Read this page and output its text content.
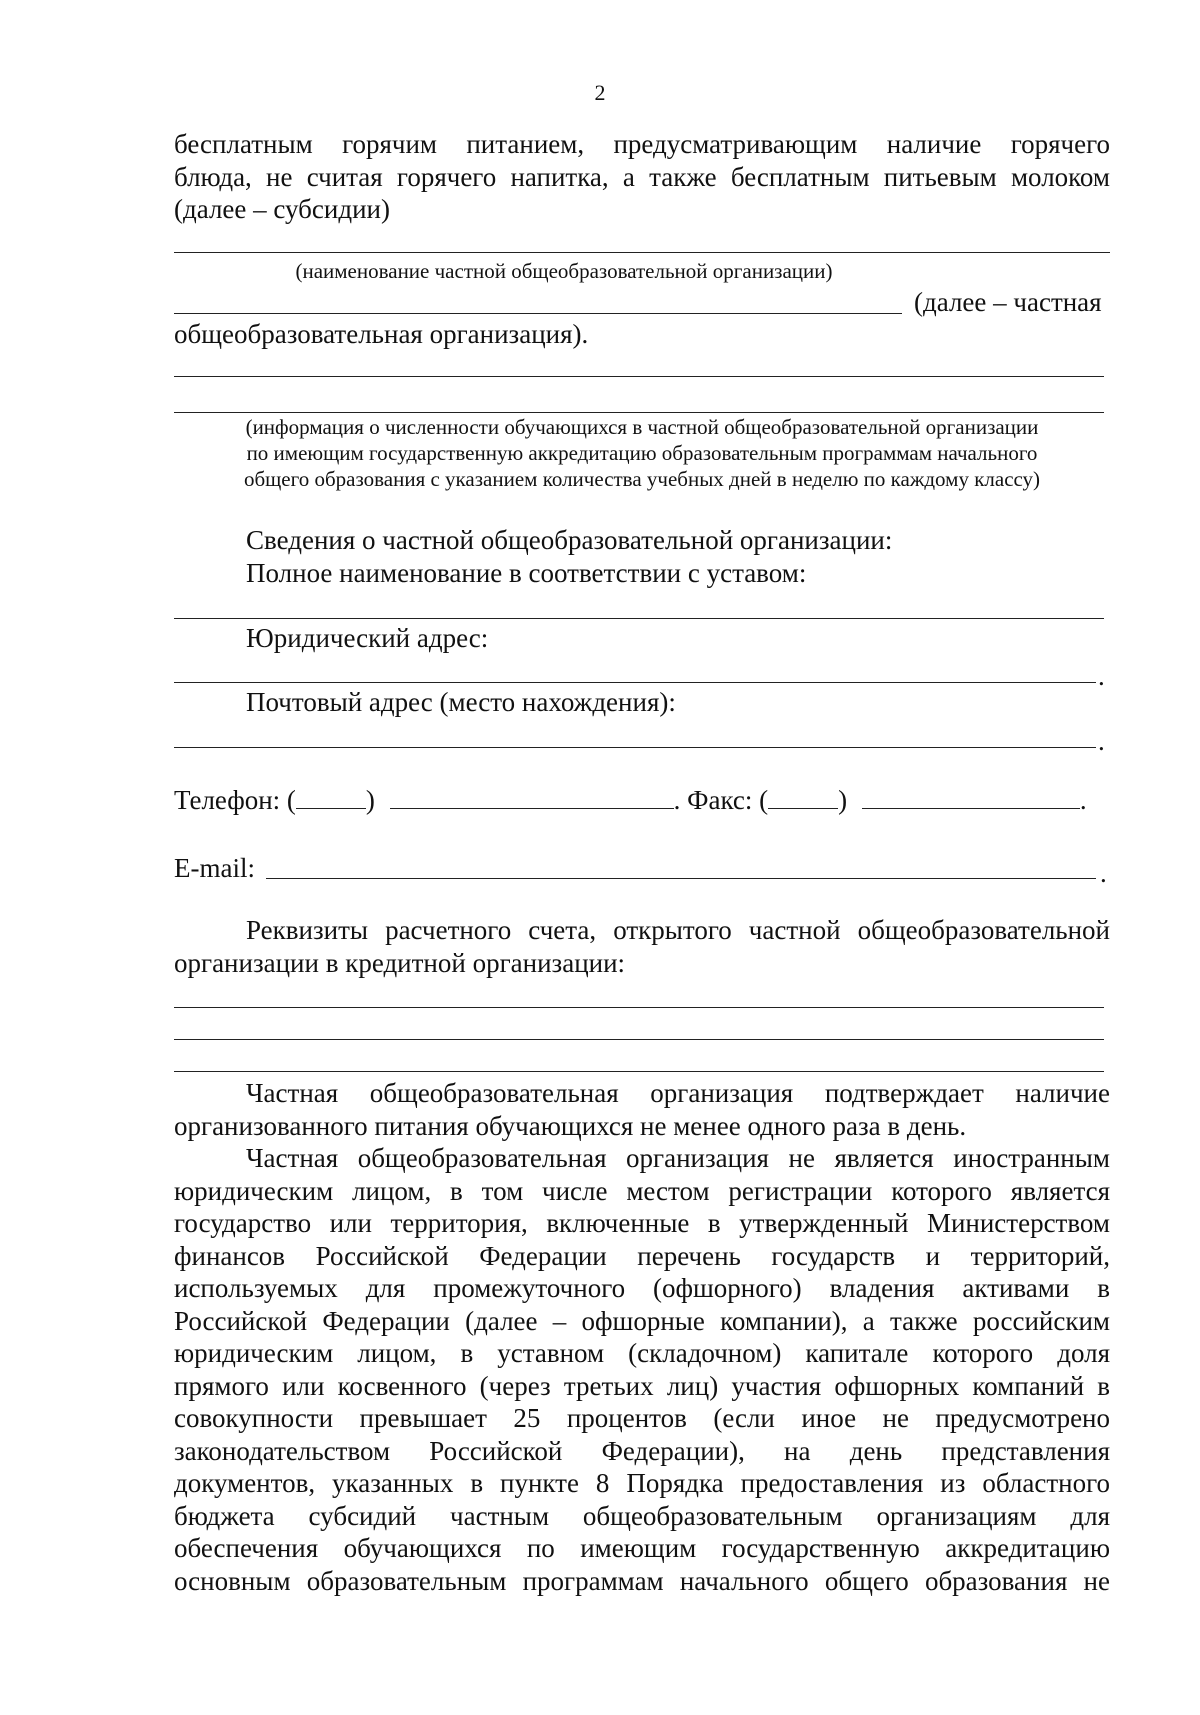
2
бесплатным горячим питанием, предусматривающим наличие горячего
блюда, не считая горячего напитка, а также бесплатным питьевым молоком
(далее – субсидии)
(наименование частной общеобразовательной организации)
(далее – частная
общеобразовательная организация).
(информация о численности обучающихся в частной общеобразовательной организации
по имеющим государственную аккредитацию образовательным программам начального
общего образования с указанием количества учебных дней в неделю по каждому классу)
Сведения о частной общеобразовательной организации:
Полное наименование в соответствии с уставом:
Юридический адрес:
.
Почтовый адрес (место нахождения):
.
Телефон: (	)	. Факс: (	)	.
E-mail:	.
Реквизиты расчетного счета, открытого частной общеобразовательной
организации в кредитной организации:
Частная общеобразовательная организация подтверждает наличие
организованного питания обучающихся не менее одного раза в день.
Частная общеобразовательная организация не является иностранным
юридическим лицом, в том числе местом регистрации которого является
государство или территория, включенные в утвержденный Министерством
финансов Российской Федерации перечень государств и территорий,
используемых для промежуточного (офшорного) владения активами в
Российской Федерации (далее – офшорные компании), а также российским
юридическим лицом, в уставном (складочном) капитале которого доля
прямого или косвенного (через третьих лиц) участия офшорных компаний в
совокупности превышает 25 процентов (если иное не предусмотрено
законодательством Российской Федерации), на день представления
документов, указанных в пункте 8 Порядка предоставления из областного
бюджета субсидий частным общеобразовательным организациям для
обеспечения обучающихся по имеющим государственную аккредитацию
основным образовательным программам начального общего образования не
